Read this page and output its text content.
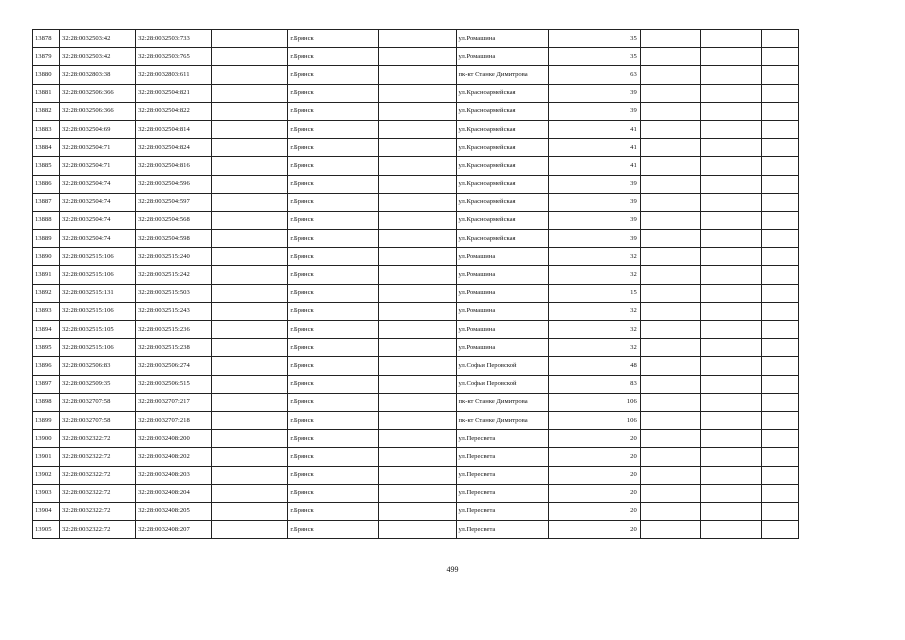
13878	32:28:0032503:42	32:28:0032503:733		г.Брянск		ул.Ромашина	35			
13879	32:28:0032503:42	32:28:0032503:765		г.Брянск		ул.Ромашина	35			
13880	32:28:0032803:38	32:28:0032803:611		г.Брянск		пк-кт Станке Димитрова	63			
13881	32:28:0032506:366	32:28:0032504:821		г.Брянск		ул.Красноармейская	39			
13882	32:28:0032506:366	32:28:0032504:822		г.Брянск		ул.Красноармейская	39			
13883	32:28:0032504:69	32:28:0032504:814		г.Брянск		ул.Красноармейская	41			
13884	32:28:0032504:71	32:28:0032504:824		г.Брянск		ул.Красноармейская	41			
13885	32:28:0032504:71	32:28:0032504:816		г.Брянск		ул.Красноармейская	41			
13886	32:28:0032504:74	32:28:0032504:596		г.Брянск		ул.Красноармейская	39			
13887	32:28:0032504:74	32:28:0032504:597		г.Брянск		ул.Красноармейская	39			
13888	32:28:0032504:74	32:28:0032504:568		г.Брянск		ул.Красноармейская	39			
13889	32:28:0032504:74	32:28:0032504:598		г.Брянск		ул.Красноармейская	39			
13890	32:28:0032515:106	32:28:0032515:240		г.Брянск		ул.Ромашина	32			
13891	32:28:0032515:106	32:28:0032515:242		г.Брянск		ул.Ромашина	32			
13892	32:28:0032515:131	32:28:0032515:503		г.Брянск		ул.Ромашина	15			
13893	32:28:0032515:106	32:28:0032515:243		г.Брянск		ул.Ромашина	32			
13894	32:28:0032515:105	32:28:0032515:236		г.Брянск		ул.Ромашина	32			
13895	32:28:0032515:106	32:28:0032515:238		г.Брянск		ул.Ромашина	32			
13896	32:28:0032506:83	32:28:0032506:274		г.Брянск		ул.Софьи Перовской	48			
13897	32:28:0032509:35	32:28:0032506:515		г.Брянск		ул.Софьи Перовской	83			
13898	32:28:0032707:58	32:28:0032707:217		г.Брянск		пк-кт Станке Димитрова	106			
13899	32:28:0032707:58	32:28:0032707:218		г.Брянск		пк-кт Станке Димитрова	106			
13900	32:28:0032322:72	32:28:0032408:200		г.Брянск		ул.Пересвета	20			
13901	32:28:0032322:72	32:28:0032408:202		г.Брянск		ул.Пересвета	20			
13902	32:28:0032322:72	32:28:0032408:203		г.Брянск		ул.Пересвета	20			
13903	32:28:0032322:72	32:28:0032408:204		г.Брянск		ул.Пересвета	20			
13904	32:28:0032322:72	32:28:0032408:205		г.Брянск		ул.Пересвета	20			
13905	32:28:0032322:72	32:28:0032408:207		г.Брянск		ул.Пересвета	20			
499
